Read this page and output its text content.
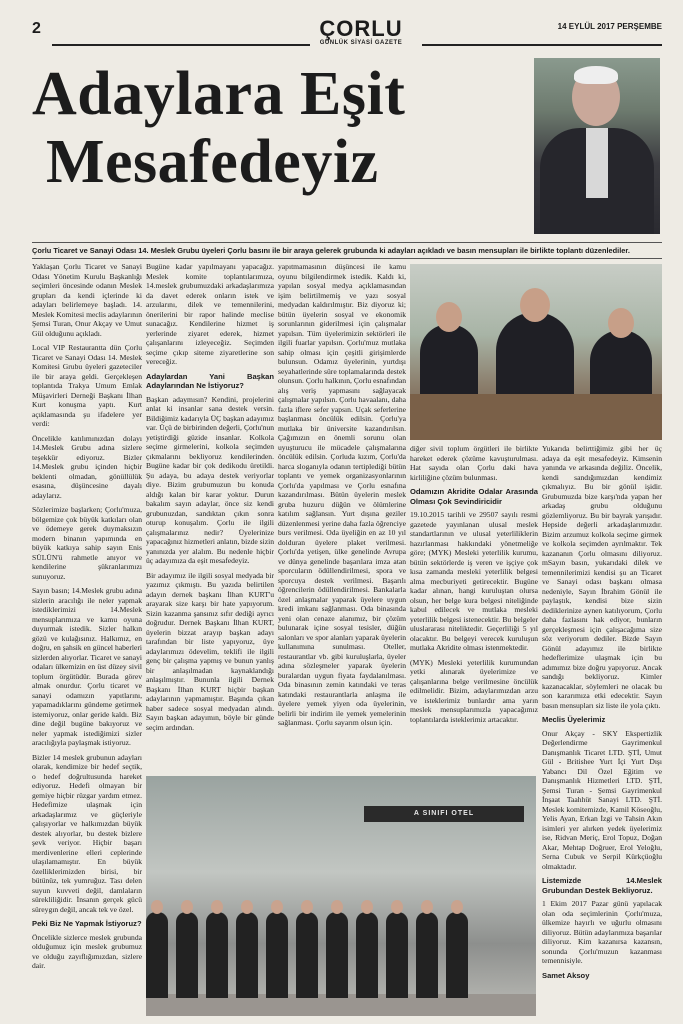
2	ÇORLU
GÜNLÜK SİYASİ GAZETE
14 EYLÜL 2017 PERŞEMBE
Adaylara Eşit
Mesafedeyiz
Çorlu Ticaret ve Sanayi Odası 14. Meslek Grubu üyeleri Çorlu basını ile bir araya gelerek grubunda ki adayları açıkladı ve basın mensupları ile birlikte toplantı düzenlediler.

Yaklaşan Çorlu Ticaret ve Sanayi Odası Yönetim Kurulu Başkanlığı seçimleri öncesinde odanın Meslek grupları da kendi içlerinde ki adayları belirlemeye başladı. 14. Meslek Komitesi meclis adaylarının Şemsi Turan, Onur Akçay ve Umut Gül olduğunu açıkladı.

Local VIP Restaurantta dün Çorlu Ticaret ve Sanayi Odası 14. Meslek Komitesi Grubu üyeleri gazeteciler ile bir araya geldi. Gerçekleşen toplantıda Trakya Umum Emlak Müşavirleri Derneği Başkanı İlhan Kurt konuşma yaptı. Kurt açıklamasında şu ifadelere yer verdi:

Öncelikle katılımınızdan dolayı 14.Meslek Grubu adına sizlere teşekkür ediyoruz. Bizler 14.Meslek grubu içinden hiçbir beklenti olmadan, gönüllülük esasına, düşüncesine dayalı adaylarız.

Sözlerimize başlarken; Çorlu'muza, bölgemize çok büyük katkıları olan ve ödemeye gerek duymaksızın modern binanın yapımında en büyük katkıya sahip sayın Enis SÜLÜN'ü rahmetle anıyor ve kendilerine şükranlarımızı sunuyoruz.

Sayın basın; 14.Meslek grubu adına sizlerin aracılığı ile neler yapmak istediklerimizi 14.Meslek mensuplarımıza ve kamu oyuna duyurmak istedik. Sizler halkın gözü ve kulağısınız. Halkımız, en doğru, en şahsik en güncel haberleri sizlerden alıyorlar. Ticaret ve sanayi odaları ülkemizin en üst düzey sivil toplum örgütüdür. Burada görev almak onurdur. Çorlu ticaret ve sanayi odamızın yapıtlarını, yapamadıklarını gündeme getirmek istemiyoruz, onlar geride kaldı. Biz dine değil bugüne bakıyoruz ve neler yapmak istediğimizi sizler aracılığıyla paylaşmak istiyoruz.

Bizler 14 meslek grubunun adayları olarak, kendimize bir hedef seçtik, o hedef doğrultusunda hareket ediyoruz. Hedefi olmayan bir gemiye hiçbir rüzgar yardım etmez. Hedefimize ulaşmak için arkadaşlarımız ve güçleriyle çalışıyorlar ve halkımızdan büyük destek alıyorlar, bu destek bizlere şevk veriyor. Hiçbir başarı merdivenlerine elleri ceplerinde ulaşılamamıştır. En büyük özelliklerimizden birisi, bir bütünüz, tek yumruğuz. Tası delen suyun kuvveti değil, damlaların sürekliliğidir. İnsanın gerçek gücü süreygın değil, ancak tek ve özel.

Peki Biz Ne Yapmak İstiyoruz?

Öncelikle sizlerce meslek grubunda olduğumuz için meslek grubumuz ve olduğu zayıflığımızdan, sizlere dair.

Bugüne kadar yapılmayanı yapacağız. Meslek komite toplantılarımıza, 14.meslek grubumuzdaki arkadaşlarımıza da davet ederek onların istek ve arzularını, dilek ve temennilerini, önerilerini bir rapor halinde meclise sunacağız. Kendilerine hizmet iş yerlerinde ziyaret ederek, hizmet çalışanlarını izleyeceğiz. Seçimden seçime çıkıp siteme ziyaretlerine son vereceğiz.

Adaylardan Yani Başkan Adaylarından Ne İstiyoruz?

Başkan adaymısın? Kendini, projelerini anlat ki insanlar sana destek versin. Bildiğimiz kadarıyla ÜÇ başkan adayımız var. Üçü de birbirinden değerli, Çorlu'nun yetiştirdiği güzide insanlar. Kolkola seçime girmelerini, kolkola seçimden çıkmalarını bekliyoruz kendilerinden. Bugüne kadar bir çok dedikodu üretildi. Şu adaya, bu adaya destek veriyorlar diye. Bizim grubumuzun bu konuda aldığı kalan bir karar yoktur. Durun bakalım sayın adaylar, önce siz kendi grubunuzdan, sandıktan çıkın sonra oturup konuşalım. Çorlu ile ilgili çalışmalarınız nedir? Üyelerinize yapacağınız hizmetleri anlatın, bizde sizin yanınızda yer alalım. Bu nedenle hiçbir üç adayımıza da eşit mesafedeyiz.

Bir adayımız ile ilgili sosyal medyada bir yazımız çıkmıştı. Bu yazıda belirtilen adayın dernek başkanı İlhan KURT'u arayarak size karşı bir hate yapıyorum. Sizin kazanma şansınız sıfır dediği ayrıcı doğrudur. Dernek Başkanı İlhan KURT, üyelerin bizzat arayıp başkan adayı tarafından bir liste yapıyoruz, üye adaylarımızı ödevelim, teklifi ile ilgili genç bir çalışma yapmış ve bunun yanlış bir anlaşılmadan kaynaklandığı anlaşılmıştır. Bununla ilgili Dernek Başkanı İlhan KURT hiçbir başkan adaylarının yapmamıştır. Başında çıkan haber sadece sosyal medyadan alındı. Sayın başkan adayımın, böyle bir günde seçim ardından.

yapıtmamasının düşüncesi ile kamu oyunu bilgilendirmek istedik. Kaldı ki, yapılan sosyal medya açıklamasından işim belirtilmemiş ve yazı sosyal medyadan kaldırılmıştır. Biz diyoruz ki; bütün üyelerin sosyal ve ekonomik sorunlarının giderilmesi için çalışmalar yapılsın. Tüm üyelerimizin sektörleri ile ilgili fuarlar yapılsın. Çorlu'muz mutlaka sahip olması için çeşitli girişimlerde bulunsun. Odamız üyelerinin, yurtdışı seyahatlerinde süre toplamalarında destek olunsun. Çorlu halkının, Çorlu esnafından alış veriş yapmasını sağlayacak çalışmalar yapılsın. Çorlu havaalanı, daha fazla iflere sefer yapsın. Uçak seferlerine başlanması öncülük edilsin. Çorlu'ya mutlaka bir üniversite kazandırılsın. Çağımızın en önemli sorunu olan uyuşturucu ile mücadele çalışmalarına öncülük edilsin. Çorluda kızım, Çorlu'da harca sloganıyla odanın tertiplediği bütün toplantı ve yemek organizasyonlarının Çorlu'da yapılması ve Çorlu esnafına kazandırılması. Bütün üyelerin meslek gruba huzuru düğün ve ölümlerine katılım sağlansın. Yurt dışına geziler düzenlenmesi yerine daha fazla öğrenciye burs verilmesi. Oda üyeliğin en az 10 yıl dolduran üyelere plaket verilmesi. Çorlu'da yetişen, ülke genelinde Avrupa ve dünya genelinde başarılara imza atan sporcuların ödüllendirilmesi, spora ve sporcuya destek verilmesi. Başarılı öğrencilerin ödüllendirilmesi. Bankalarla özel anlaşmalar yaparak üyelere uygun kredi imkanı sağlanması. Oda binasında yeni olan cenaze alanımız, bir çözüm bulunarak içine sosyal tesisler, düğün salonları ve spor alanları yaparak üyelerin kullanımına sunulması. Oteller, restaurantlar vb. gibi kuruluşlarla, üyeler adına sözleşmeler yaparak üyelerin buralardan uygun fiyata faydalanılması. Oda binasının zemin katındaki ve teras katındaki restaurantlarla anlaşma ile üyelere yemek yiyen oda üyelerinin, belirli bir indirim ile yemek yemelerinin sağlanması. Çorlu sayarım olsun için.

diğer sivil toplum örgütleri ile birlikte hareket ederek çözüme kavuşturulması. Hat sayıda olan Çorlu daki hava kirliliğine çözüm bulunması.

Odamızın Akridite Odalar Arasında Olması Çok Sevindiricidir

19.10.2015 tarihli ve 29507 sayılı resmi gazetede yayınlanan ulusal meslek standartlarının ve ulusal yeterliliklerin hazırlanması hakkındaki yönetmeliğe göre; (MYK) Mesleki yeterlilik kurumu, bütün sektörlerde iş veren ve işçiye çok kısa zamanda mesleki yeterlilik belgesi alma mecburiyeti getirecektir. Bugüne kadar alınan, hangi kuruluştan olursa olsun, her belge kura belgesi niteliğinde kabul edilecek ve mutlaka mesleki yeterlilik belgesi istenecektir. Bu belgeler uluslararası niteliktedir. Geçerliliği 5 yıl olacaktır. Bu belgeyi verecek kuruluşun mutlaka Akridite olması istenmektedir.

(MYK) Mesleki yeterlilik kurumundan yetki alınarak üyelerimize ve çalışanlarına belge verilmesine öncülük edilmelidir. Bizim, adaylarımızdan arzu ve isteklerimiz bunlardır ama yarın meslek mensuplarımızla yapacağımız toplantılarda isteklerimiz artacaktır.

Yukarıda belirttiğimiz gibi her üç adaya da eşit mesafedeyiz. Kimsenin yanında ve arkasında değiliz. Öncelik, kendi sandığımızdan kendimiz çıkmalıyız. Bu bir gönül işidir. Grubumuzda bize karşı'nda yapan her arkadaş grubu olduğunu gözlemliyoruz. Bu bir bayrak yarışıdır. Hepside değerli arkadaşlarımızdır. Bizim arzumuz kolkola seçime girmek ve kolkola seçimden ayrılmaktır. Tek kazananın Çorlu olmasını diliyoruz. mSayın basın, yukarıdaki dilek ve temennilerimizi kendisi şu an Ticaret ve Sanayi odası başkanı olmasa nedeniyle, Sayın İbrahim Gönül ile paylaştık, kendisi bize sizin dediklerinize aynen katılıyorum, Çorlu daha fazlasını hak ediyor, bunların gerçekleşmesi için çalışacağıma size söz veriyorum dediler. Bizde Sayın Gönül adayımız ile birlikte hedeflerimize ulaşmak için bu adımımız bize doğru yapıyoruz. Ancak sandığı bekliyoruz. Kimler kazanacaklar, söylemleri ne olacak bu son kararımıza etki edecektir. Sayın basın mensupları siz liste ile yola çıktı.

Meclis Üyelerimiz

Onur Akçay - SKY Ekspertizlik Değerlendirme Gayrimenkul Danışmanlık Ticaret LTD. ŞTİ, Umut Gül - Britishee Yurt İçi Yurt Dışı Yabancı Dil Özel Eğitim ve Danışmanlık Hizmetleri LTD. ŞTİ, Şemsi Turan - Şemsi Gayrimenkul İnşaat Taahhüt Sanayi LTD. ŞTİ. Meslek komitemizde, Kamil Köseoğlu, Yelis Ayan, Erkan İzgi ve Tahsin Akın isimleri yer alırken yedek üyelerimiz ise, Ridvan Meriç, Erol Topuz, Doğan Akar, Mehtap Doğruer, Erol Yeloğlu, Serna Cubuk ve Serpil Kürkçüoğlu olmaktadır.

Listemizde 14.Meslek Grubundan Destek Bekliyoruz.

1 Ekim 2017 Pazar günü yapılacak olan oda seçimlerinin Çorlu'muza, ülkemize hayırlı ve uğurlu olmasını diliyoruz. Bütün adaylarımıza başarılar diliyoruz. Kim kazanırsa kazansın, sonunda Çorlu'muzun kazanması temennisiyle.

Samet Aksoy
A SINIFI OTEL
